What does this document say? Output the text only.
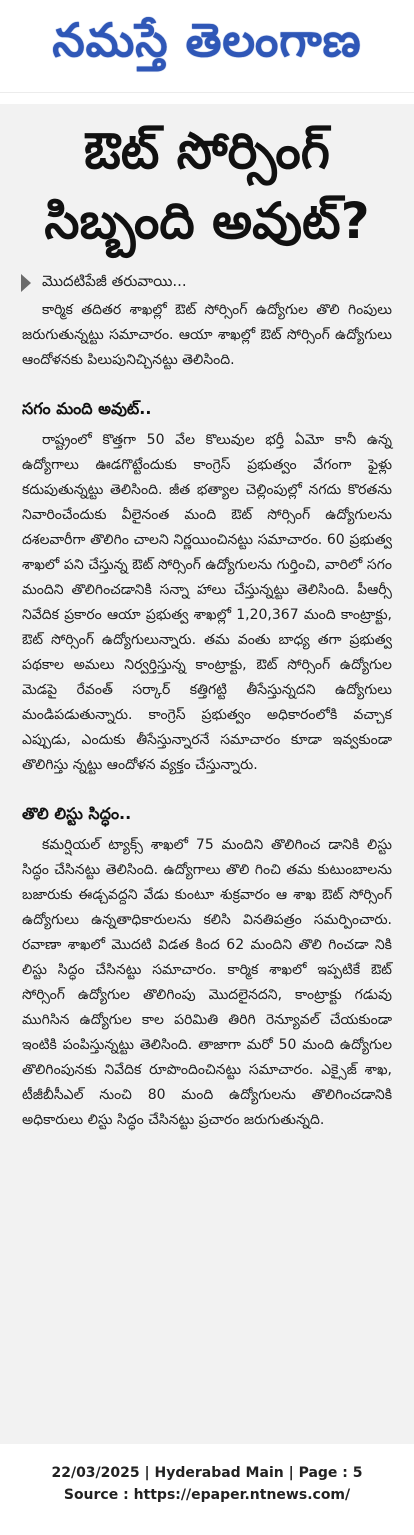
నమస్తే తెలంగాణ
ఔట్ సోర్సింగ్
సిబ్బంది అవుట్?
మొదటిపేజీ తరువాయి...

కార్మిక తదితర శాఖల్లో ఔట్ సోర్సింగ్ ఉద్యోగుల తొలి గింపులు జరుగుతున్నట్టు సమాచారం. ఆయా శాఖల్లో ఔట్ సోర్సింగ్ ఉద్యోగులు ఆందోళనకు పిలుపునిచ్చినట్టు తెలిసింది.

సగం మంది అవుట్..

రాష్ట్రంలో కొత్తగా 50 వేల కొలువుల భర్తీ ఏమో కానీ ఉన్న ఉద్యోగాలు ఊడగొట్టేందుకు కాంగ్రెస్ ప్రభుత్వం వేగంగా ఫైళ్లు కదుపుతున్నట్టు తెలిసింది. జీత భత్యాల చెల్లింపుల్లో నగదు కొరతను నివారించేందుకు వీలైనంత మంది ఔట్ సోర్సింగ్ ఉద్యోగులను దశలవారీగా తొలిగిం చాలని నిర్ణయించినట్టు సమాచారం. 60 ప్రభుత్వ శాఖలో పని చేస్తున్న ఔట్ సోర్సింగ్ ఉద్యోగులను గుర్తించి, వారిలో సగం మందిని తొలిగించడానికి సన్నా హాలు చేస్తున్నట్టు తెలిసింది. పీఆర్సీ నివేదిక ప్రకారం ఆయా ప్రభుత్వ శాఖల్లో 1,20,367 మంది కాంట్రాక్టు, ఔట్ సోర్సింగ్ ఉద్యోగులున్నారు. తమ వంతు బాధ్య తగా ప్రభుత్వ పథకాల అమలు నిర్వర్తిస్తున్న కాంట్రాక్టు, ఔట్ సోర్సింగ్ ఉద్యోగుల మెడపై రేవంత్ సర్కార్ కత్తిగట్టి తీసేస్తున్నదని ఉద్యోగులు మండిపడుతున్నారు. కాంగ్రెస్ ప్రభుత్వం అధికారంలోకి వచ్చాక ఎప్పుడు, ఎందుకు తీసేస్తున్నారనే సమాచారం కూడా ఇవ్వకుండా తొలిగిస్తు న్నట్టు ఆందోళన వ్యక్తం చేస్తున్నారు.

తొలి లిస్టు సిద్ధం..

కమర్షియల్ ట్యాక్స్ శాఖలో 75 మందిని తొలిగించ డానికి లిస్టు సిద్ధం చేసినట్టు తెలిసింది. ఉద్యోగాలు తొలి గించి తమ కుటుంబాలను బజారుకు ఈడ్చవద్దని వేడు కుంటూ శుక్రవారం ఆ శాఖ ఔట్ సోర్సింగ్ ఉద్యోగులు ఉన్నతాధికారులను కలిసి వినతిపత్రం సమర్పించారు. రవాణా శాఖలో మొదటి విడత కింద 62 మందిని తొలి గించడా నికి లిస్టు సిద్ధం చేసినట్టు సమాచారం. కార్మిక శాఖలో ఇప్పటికే ఔట్ సోర్సింగ్ ఉద్యోగుల తొలిగింపు మొదలైనదని, కాంట్రాక్టు గడువు ముగిసిన ఉద్యోగుల కాల పరిమితి తిరిగి రెన్యూవల్ చేయకుండా ఇంటికి పంపిస్తున్నట్టు తెలిసింది. తాజాగా మరో 50 మంది ఉద్యోగుల తొలిగింపునకు నివేదిక రూపొందించినట్టు సమాచారం. ఎక్సైజ్ శాఖ, టీజీబీసీఎల్ నుంచి 80 మంది ఉద్యోగులను తొలిగించడానికి అధికారులు లిస్టు సిద్ధం చేసినట్టు ప్రచారం జరుగుతున్నది.

22/03/2025 | Hyderabad Main | Page : 5
Source : https://epaper.ntnews.com/
